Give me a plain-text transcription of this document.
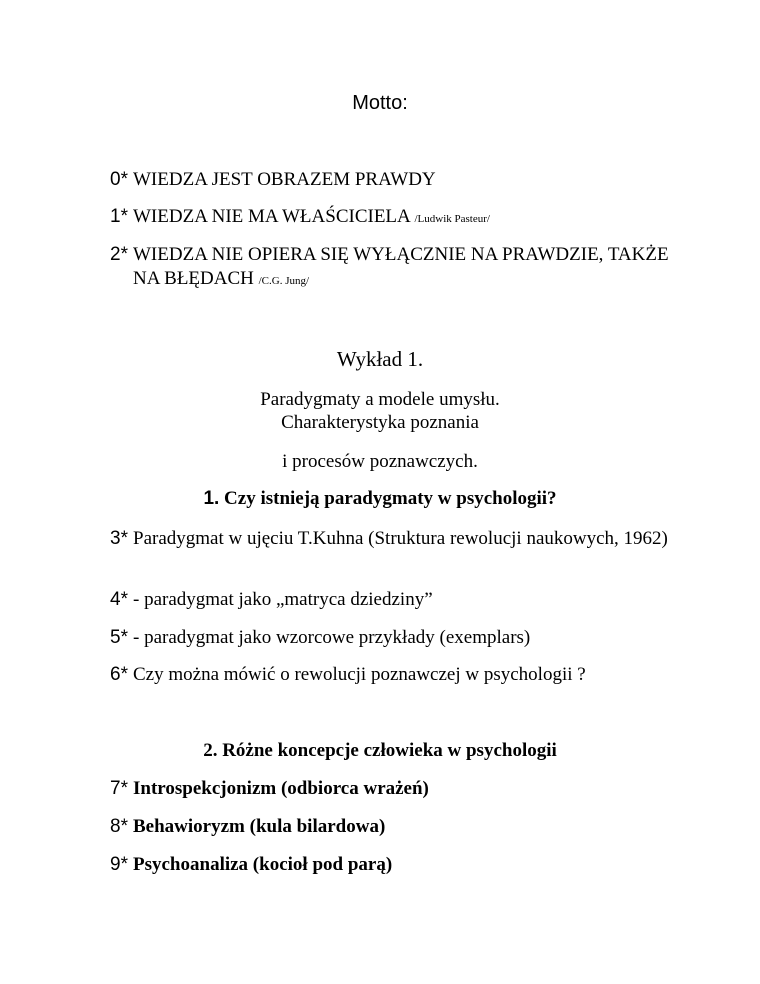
Motto:
0* WIEDZA JEST OBRAZEM PRAWDY
1* WIEDZA NIE MA WŁAŚCICIELA /Ludwik Pasteur/
2* WIEDZA NIE OPIERA SIĘ WYŁĄCZNIE NA PRAWDZIE, TAKŻE NA BŁĘDACH /C.G. Jung/
Wykład 1.
Paradygmaty a modele umysłu.
Charakterystyka poznania
i procesów poznawczych.
1. Czy istnieją paradygmaty w psychologii?
3* Paradygmat w ujęciu T.Kuhna (Struktura rewolucji naukowych, 1962)
4* - paradygmat jako „matryca dziedziny”
5* - paradygmat jako wzorcowe przykłady (exemplars)
6* Czy można mówić o rewolucji poznawczej w psychologii ?
2. Różne koncepcje człowieka w psychologii
7* Introspekcjonizm (odbiorca wrażeń)
8* Behawioryzm (kula bilardowa)
9* Psychoanaliza (kocioł pod parą)
